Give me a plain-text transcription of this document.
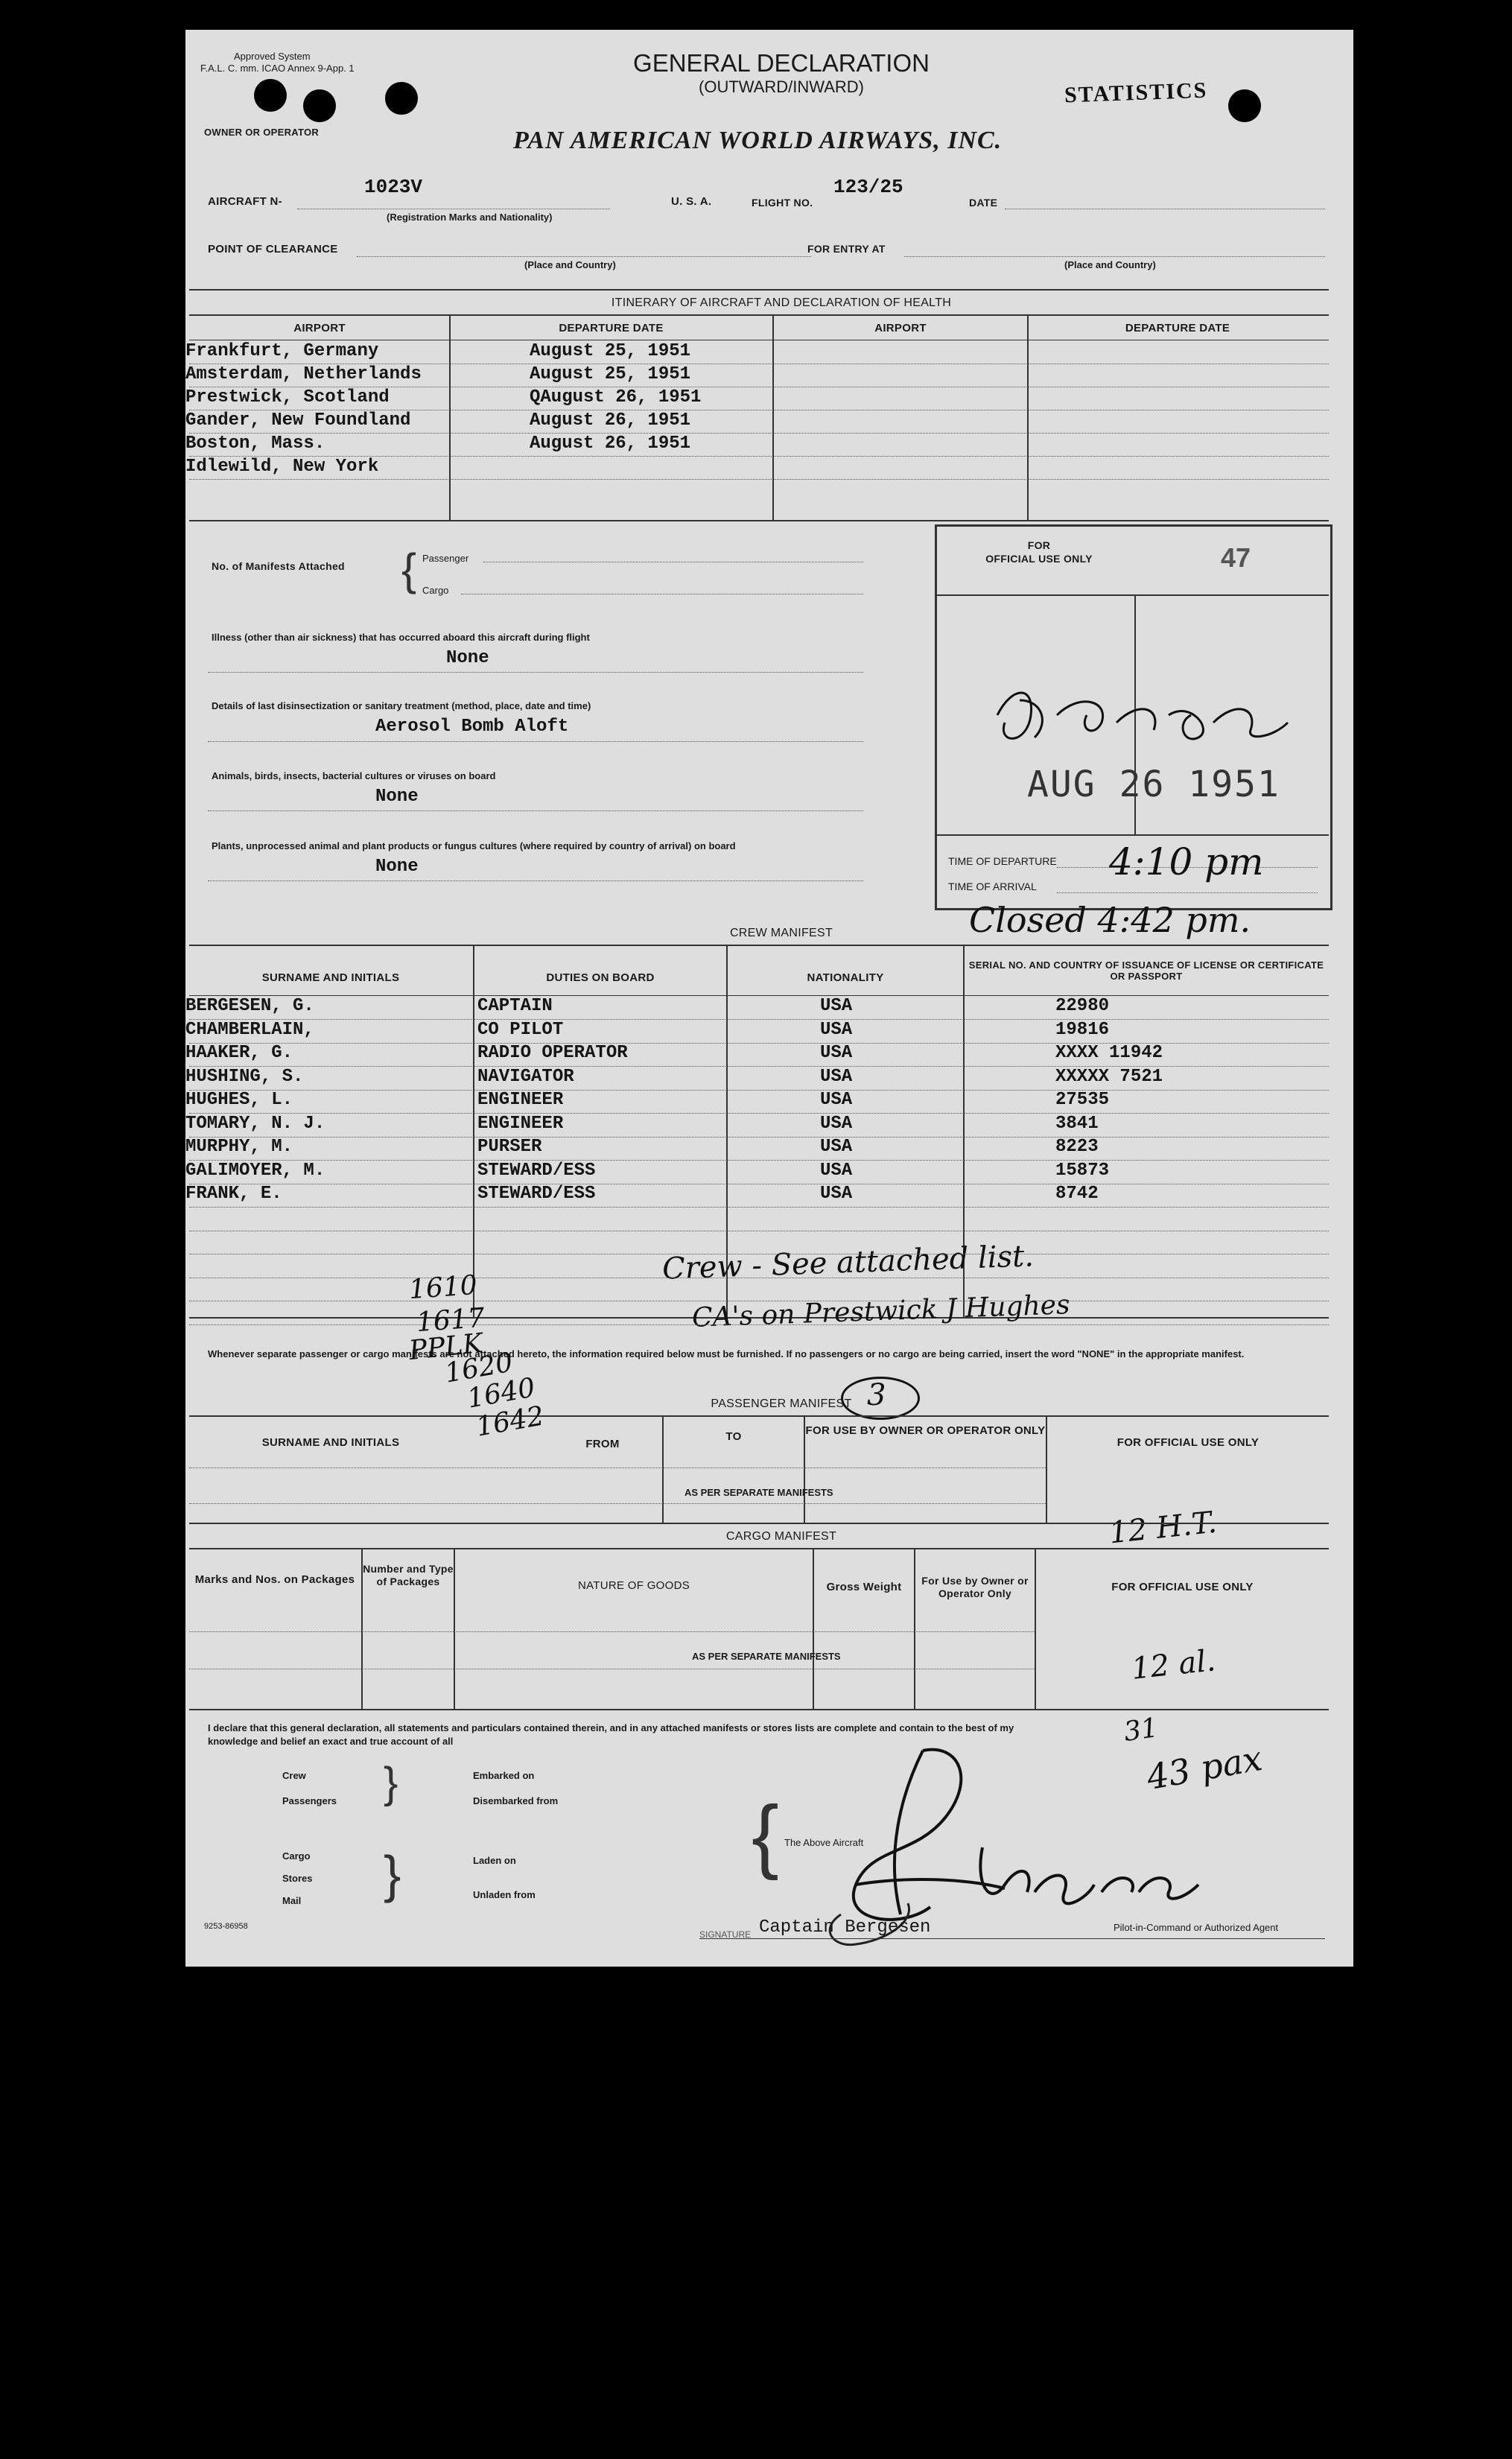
Approved System
F.A.L. C. mm. ICAO Annex 9-App. 1
OWNER OR OPERATOR
GENERAL DECLARATION
(OUTWARD/INWARD)	STATISTICS
PAN AMERICAN WORLD AIRWAYS, INC.
AIRCRAFT N-
1023V
(Registration Marks and Nationality)
U. S. A.	FLIGHT NO.
123/25
DATE
POINT OF CLEARANCE
(Place and Country)
FOR ENTRY AT
(Place and Country)
ITINERARY OF AIRCRAFT AND DECLARATION OF HEALTH
AIRPORT	DEPARTURE DATE	AIRPORT	DEPARTURE DATE
No. of Manifests Attached { Passenger
Cargo
Illness (other than air sickness) that has occurred aboard this aircraft during flight
None
Details of last disinsectization or sanitary treatment (method, place, date and time)
Aerosol Bomb Aloft
Animals, birds, insects, bacterial cultures or viruses on board
None
Plants, unprocessed animal and plant products or fungus cultures (where required by country of arrival) on board
None
FOR
OFFICIAL USE ONLY	47
AUG 26 1951
TIME OF DEPARTURE
TIME OF ARRIVAL
4:10 pm
Closed 4:42 pm.
CREW MANIFEST
SURNAME AND INITIALS	DUTIES ON BOARD	NATIONALITY
SERIAL NO. AND COUNTRY OF ISSUANCE OF LICENSE OR CERTIFICATE OR PASSPORT
Crew - See attached list.
CA's on Prestwick J Hughes
Whenever separate passenger or cargo manifests are not attached hereto, the information required below must be furnished. If no passengers or no cargo are being carried, insert the word "NONE" in the appropriate manifest.
3
PASSENGER MANIFEST
SURNAME AND INITIALS	FROM
TO	FOR USE BY OWNER OR OPERATOR ONLY
FOR OFFICIAL USE ONLY
AS PER SEPARATE MANIFESTS
12 H.T.
CARGO MANIFEST
Marks and Nos. on Packages
Number and Type of Packages	NATURE OF GOODS	Gross Weight	For Use by Owner or Operator Only	FOR OFFICIAL USE ONLY
AS PER SEPARATE MANIFESTS	12 al.
I declare that this general declaration, all statements and particulars contained therein, and in any attached manifests or stores lists are complete and contain to the best of my
knowledge and belief an exact and true account of all
Crew
Passengers }	Embarked on
Disembarked from
Cargo
Stores
Mail }	Laden on
Unladen from
{ The Above Aircraft
31
43 pax
SIGNATURE Captain Bergesen	Pilot-in-Command or Authorized Agent
9253-86958
Frankfurt, Germany	August 25, 1951
Amsterdam, Netherlands	August 25, 1951
Prestwick, Scotland	QAugust 26, 1951
Gander, New Foundland	August 26, 1951
Boston, Mass.	August 26, 1951
Idlewild, New York
BERGESEN, G.	CAPTAIN	USA	22980
CHAMBERLAIN,	CO PILOT	USA	19816
HAAKER, G.	RADIO OPERATOR	USA	XXXX 11942
HUSHING, S.	NAVIGATOR	USA	XXXXX 7521
HUGHES, L.	ENGINEER	USA	27535
TOMARY, N. J.	ENGINEER	USA	3841
MURPHY, M.	PURSER	USA	8223
GALIMOYER, M.	STEWARD/ESS	USA	15873
FRANK, E.	STEWARD/ESS	USA	8742
1610
1617
PPLK
1620
1640
1642
